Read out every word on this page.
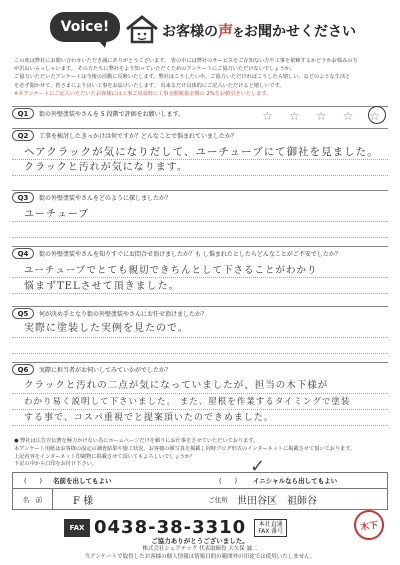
Voice!	お客様の声をお聞かせください
この度は弊社にお問い合わせいただき誠にありがとうございます。 皆の中には弊社のサービスをご存知ない方や工事を依頼するかどうかお悩みの方
が沢山いらっしゃいます。 その方たちに弊社をより知っていただくためのアンケートにご協力いただけないでしょうか。
ご協力いただいたアンケートは今後の活動に反映いたします。弊社はこうしたいや、ご協力いただければこうしたら嬉しい、などのような生活と
を必ず聞かせて、皆さまにより良い工事をお届けいたします。 出来るだけ具体的にご記入いただけると嬉しいです。
※本アンケートにご記入いただいたお客様には工事ご用命時に工事金額税抜金額の 2%をお値引きいたします。
Q1	街の外壁塗装やさんを 5 段階で評価をお願いします。	☆ ☆ ☆ ☆ ☆
Q2	工事を検討したきっかけは何ですか？どんなことで悩まれていましたか？
ヘアクラックが気になりだして、ユーチューブにて御社を見ました。
クラックと汚れが気になります。
Q3	街の外壁塗装やさんをどのように探しましたか？
ユーチューブ
Q4	街の外壁塗装やさんを知りすぐにお問合せ頂けましたか？も し悩まれたとしたらどんなことがご不安でしたか？
ユーチューブでとても親切できちんとして下さることがわかり
悩まずTELさせて頂きました。
Q5	何が決め手となり街の外壁塗装やさんにお任せ頂けましたか？
実際に塗装した実例を見たので。
Q6	実際に担当者がお伺いしてみていかがでしたか？
クラックと汚れの二点が気になっていましたが、担当の木下様が
わかり易く説明して下さいました。 また、屋根を作業するタイミングで塗装
する事で、コスパ重視でと提案頂いたのできめました。
● 弊社は広告宣伝費を極力かけない為にホームページだけを頼りにお仕事をさせていただいております。
本アンケート用紙はお客様の設定の調査結果や施工状況、お客様の顔写真を掲載し同時ブログ形式のインターネットに掲載させて頂いております。
上記内容をインターネット印刷物に掲載させて頂いてもよろしいでしょうか？
下記の中から口印をお付け下さい。
(　　)	名前を出してもよい	(　　)	イニシャルなら出してもよい
名　前	F 様	ご住所 世田谷区　祖師谷
✓
FAX 0438-38-3310 本社直通
FAX 番号
ご協力ありがとうございました。
株式会社シェアテック 代表取締役 大久保 誠二
当アンケートで取得したお客様の個人情報は情報目的の範囲外の用途では使用いたしません。
木下
